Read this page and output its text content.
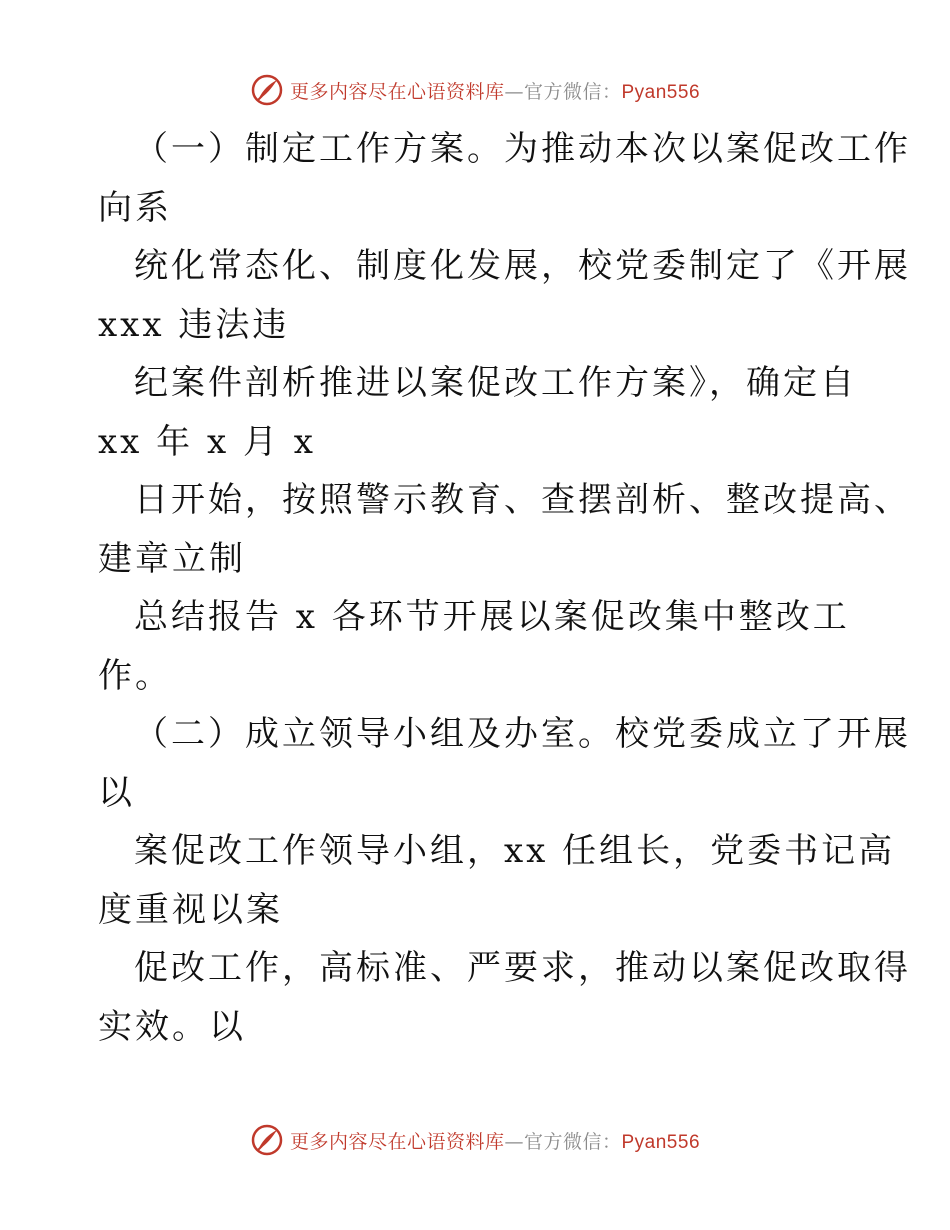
更多内容尽在心语资料库—官方微信：Pyan556
（一）制定工作方案。为推动本次以案促改工作
向系
统化常态化、制度化发展，校党委制定了《开展
xxx 违法违
纪案件剖析推进以案促改工作方案》，确定自
xx 年 x 月 x
日开始，按照警示教育、查摆剖析、整改提高、
建章立制
总结报告 x 各环节开展以案促改集中整改工
作。
（二）成立领导小组及办室。校党委成立了开展
以
案促改工作领导小组，xx 任组长，党委书记高
度重视以案
促改工作，高标准、严要求，推动以案促改取得
实效。以
更多内容尽在心语资料库—官方微信：Pyan556
